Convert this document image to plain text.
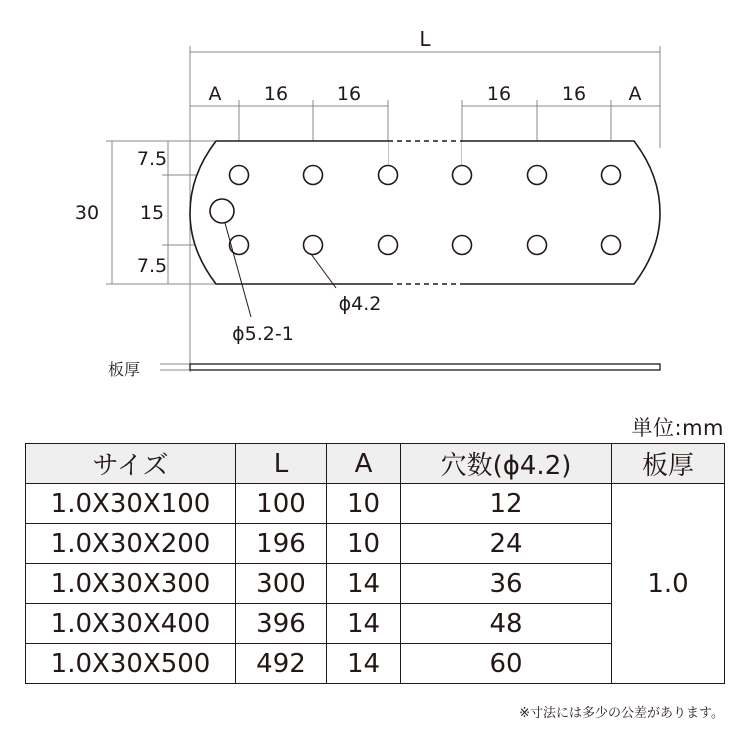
L
A 16	16	16	16 A
30
7.5
15
7.5
ϕ4.2
ϕ5.2-1
板厚
単位:mm
サイズ	L	A	穴数(ϕ4.2)	板厚
1.0X30X100	100	10	12	1.0
1.0X30X200	196	10	24	
1.0X30X300	300	14	36	
1.0X30X400	396	14	48	
1.0X30X500	492	14	60	
※寸法には多少の公差があります。
